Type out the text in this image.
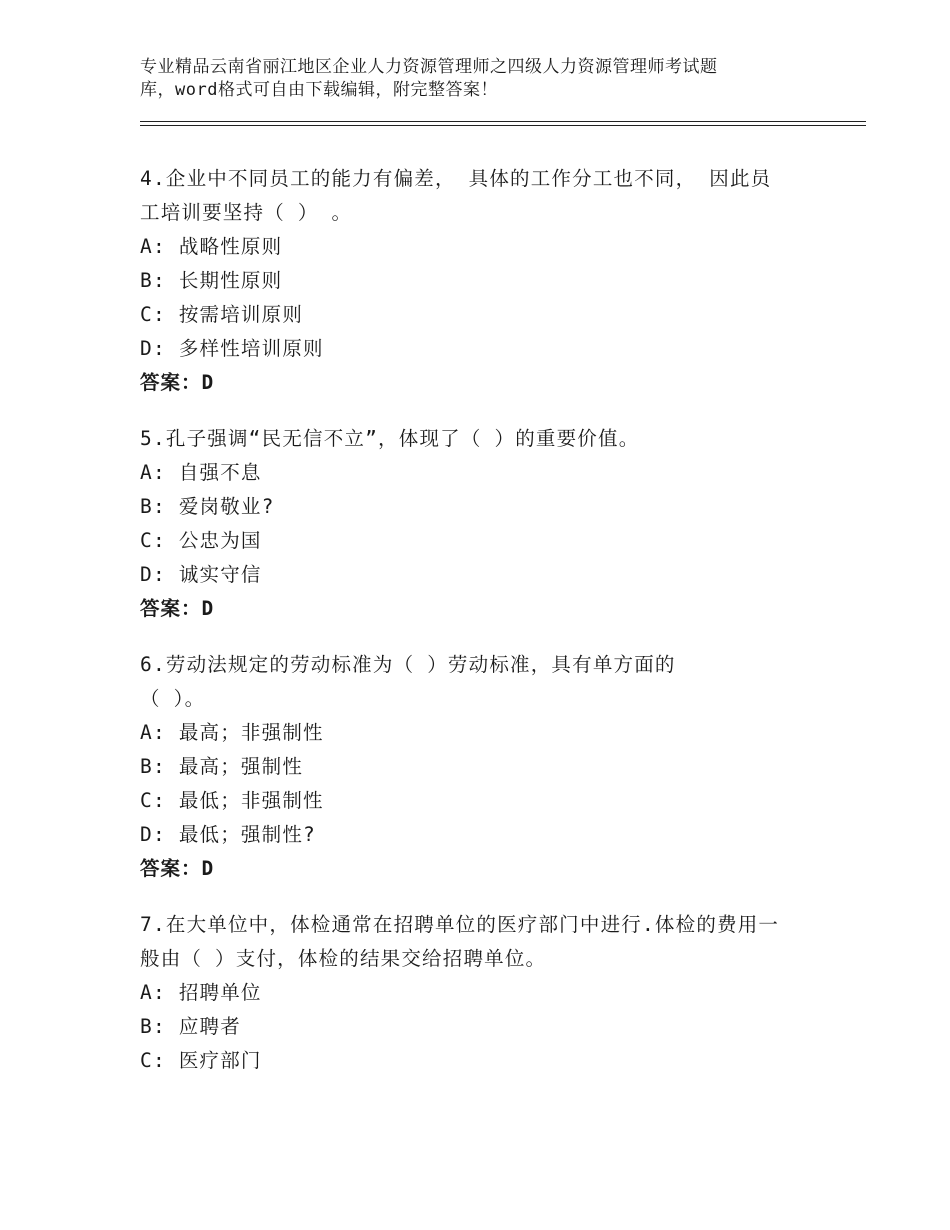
专业精品云南省丽江地区企业人力资源管理师之四级人力资源管理师考试题
库，word格式可自由下载编辑，附完整答案！
4.企业中不同员工的能力有偏差， 具体的工作分工也不同， 因此员
工培训要坚持（ ） 。
A: 战略性原则
B: 长期性原则
C: 按需培训原则
D: 多样性培训原则
答案：D
5.孔子强调“民无信不立”，体现了（ ）的重要价值。
A: 自强不息
B: 爱岗敬业?
C: 公忠为国
D: 诚实守信
答案：D
6.劳动法规定的劳动标准为（ ）劳动标准，具有单方面的
（ ）。
A: 最高；非强制性
B: 最高；强制性
C: 最低；非强制性
D: 最低；强制性?
答案：D
7.在大单位中，体检通常在招聘单位的医疗部门中进行.体检的费用一
般由（ ）支付，体检的结果交给招聘单位。
A: 招聘单位
B: 应聘者
C: 医疗部门
